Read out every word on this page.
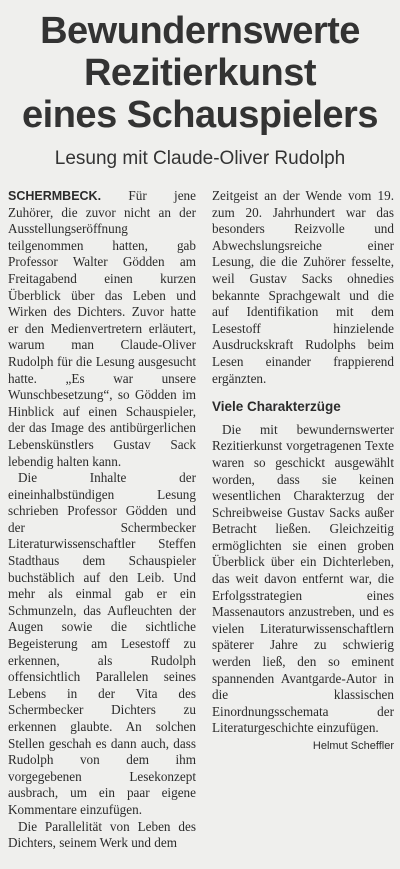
Bewundernswerte
Rezitierkunst
eines Schauspielers
Lesung mit Claude-Oliver Rudolph

SCHERMBECK. Für jene Zuhörer, die zuvor nicht an der Ausstellungseröffnung teilgenommen hatten, gab Professor Walter Gödden am Freitagabend einen kurzen Überblick über das Leben und Wirken des Dichters. Zuvor hatte er den Medienvertretern erläutert, warum man Claude-Oliver Rudolph für die Lesung ausgesucht hatte. „Es war unsere Wunschbesetzung“, so Gödden im Hinblick auf einen Schauspieler, der das Image des antibürgerlichen Lebenskünstlers Gustav Sack lebendig halten kann.

Die Inhalte der eineinhalbstündigen Lesung schrieben Professor Gödden und der Schermbecker Literaturwissenschaftler Steffen Stadthaus dem Schauspieler buchstäblich auf den Leib. Und mehr als einmal gab er ein Schmunzeln, das Aufleuchten der Augen sowie die sichtliche Begeisterung am Lesestoff zu erkennen, als Rudolph offensichtlich Parallelen seines Lebens in der Vita des Schermbecker Dichters zu erkennen glaubte. An solchen Stellen geschah es dann auch, dass Rudolph von dem ihm vorgegebenen Lesekonzept ausbrach, um ein paar eigene Kommentare einzufügen.

Die Parallelität von Leben des Dichters, seinem Werk und dem

Zeitgeist an der Wende vom 19. zum 20. Jahrhundert war das besonders Reizvolle und Abwechslungsreiche einer Lesung, die die Zuhörer fesselte, weil Gustav Sacks ohnedies bekannte Sprachgewalt und die auf Identifikation mit dem Lesestoff hinzielende Ausdruckskraft Rudolphs beim Lesen einander frappierend ergänzten.

Viele Charakterzüge

Die mit bewundernswerter Rezitierkunst vorgetragenen Texte waren so geschickt ausgewählt worden, dass sie keinen wesentlichen Charakterzug der Schreibweise Gustav Sacks außer Betracht ließen. Gleichzeitig ermöglichten sie einen groben Überblick über ein Dichterleben, das weit davon entfernt war, die Erfolgsstrategien eines Massenautors anzustreben, und es vielen Literaturwissenschaftlern späterer Jahre zu schwierig werden ließ, den so eminent spannenden Avantgarde-Autor in die klassischen Einordnungsschemata der Literaturgeschichte einzufügen.
Helmut Scheffler
